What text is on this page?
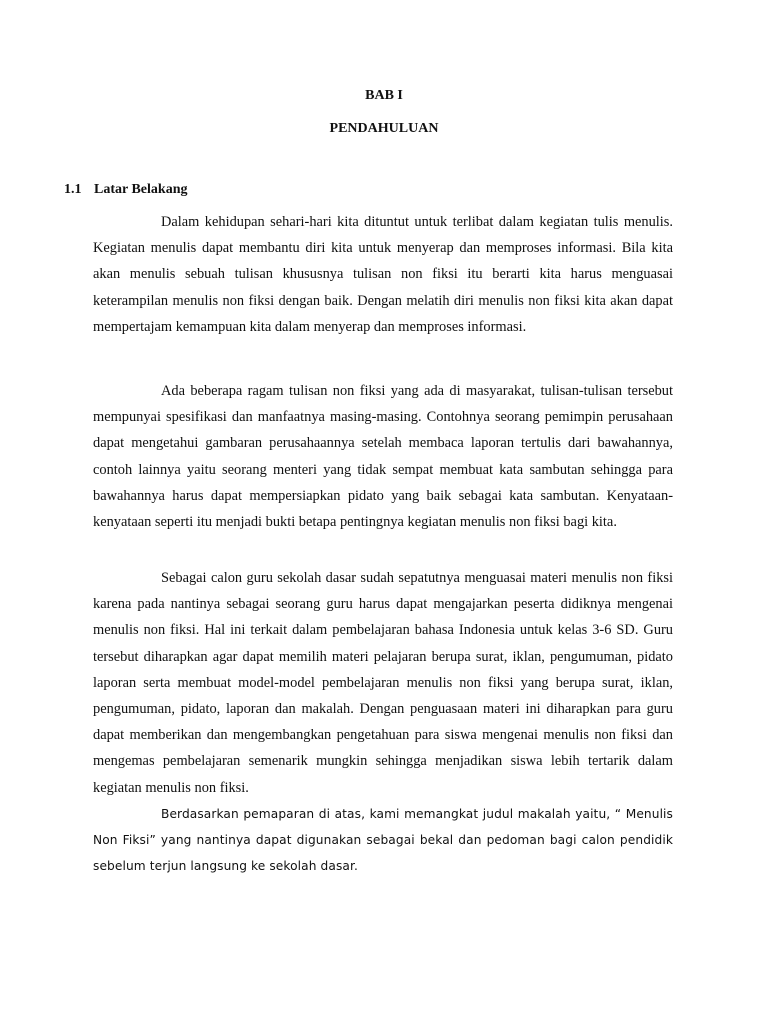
BAB I
PENDAHULUAN
1.1 Latar Belakang

Dalam kehidupan sehari-hari kita dituntut untuk terlibat dalam kegiatan tulis menulis. Kegiatan menulis dapat membantu diri kita untuk menyerap dan memproses informasi. Bila kita akan menulis sebuah tulisan khususnya tulisan non fiksi itu berarti kita harus menguasai keterampilan menulis non fiksi dengan baik. Dengan melatih diri menulis non fiksi kita akan dapat mempertajam kemampuan kita dalam menyerap dan memproses informasi.

Ada beberapa ragam tulisan non fiksi yang ada di masyarakat, tulisan-tulisan tersebut mempunyai spesifikasi dan manfaatnya masing-masing. Contohnya seorang pemimpin perusahaan dapat mengetahui gambaran perusahaannya setelah membaca laporan tertulis dari bawahannya, contoh lainnya yaitu seorang menteri yang tidak sempat membuat kata sambutan sehingga para bawahannya harus dapat mempersiapkan pidato yang baik sebagai kata sambutan. Kenyataan-kenyataan seperti itu menjadi bukti betapa pentingnya kegiatan menulis non fiksi bagi kita.

Sebagai calon guru sekolah dasar sudah sepatutnya menguasai materi menulis non fiksi karena pada nantinya sebagai seorang guru harus dapat mengajarkan peserta didiknya mengenai menulis non fiksi. Hal ini terkait dalam pembelajaran bahasa Indonesia untuk kelas 3-6 SD. Guru tersebut diharapkan agar dapat memilih materi pelajaran berupa surat, iklan, pengumuman, pidato laporan serta membuat model-model pembelajaran menulis non fiksi yang berupa surat, iklan, pengumuman, pidato, laporan dan makalah. Dengan penguasaan materi ini diharapkan para guru dapat memberikan dan mengembangkan pengetahuan para siswa mengenai menulis non fiksi dan mengemas pembelajaran semenarik mungkin sehingga menjadikan siswa lebih tertarik dalam kegiatan menulis non fiksi.

Berdasarkan pemaparan di atas, kami memangkat judul makalah yaitu, “ Menulis Non Fiksi” yang nantinya dapat digunakan sebagai bekal dan pedoman bagi calon pendidik sebelum terjun langsung ke sekolah dasar.
